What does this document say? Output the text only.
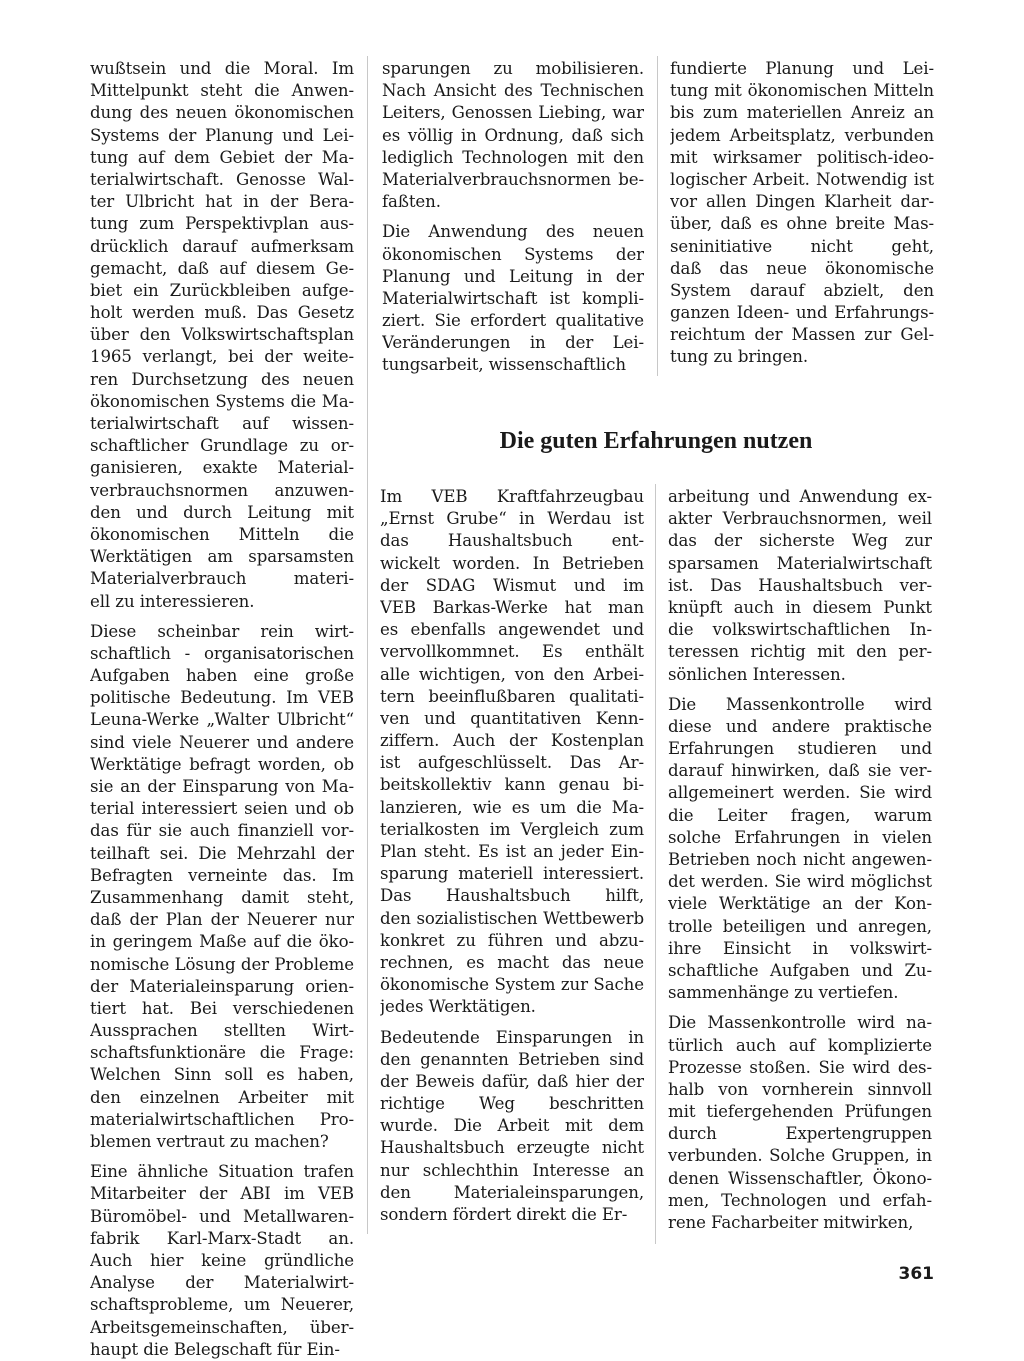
wußtsein und die Moral. Im
Mittelpunkt steht die Anwen-
dung des neuen ökonomischen
Systems der Planung und Lei-
tung auf dem Gebiet der Ma-
terialwirtschaft. Genosse Wal-
ter Ulbricht hat in der Bera-
tung zum Perspektivplan aus-
drücklich darauf aufmerksam
gemacht, daß auf diesem Ge-
biet ein Zurückbleiben aufge-
holt werden muß. Das Gesetz
über den Volkswirtschaftsplan
1965 verlangt, bei der weite-
ren Durchsetzung des neuen
ökonomischen Systems die Ma-
terialwirtschaft auf wissen-
schaftlicher Grundlage zu or-
ganisieren, exakte Material-
verbrauchsnormen anzuwen-
den und durch Leitung mit
ökonomischen Mitteln die
Werktätigen am sparsamsten
Materialverbrauch materi-
ell zu interessieren.
Diese scheinbar rein wirt-
schaftlich - organisatorischen
Aufgaben haben eine große
politische Bedeutung. Im VEB
Leuna-Werke „Walter Ulbricht“
sind viele Neuerer und andere
Werktätige befragt worden, ob
sie an der Einsparung von Ma-
terial interessiert seien und ob
das für sie auch finanziell vor-
teilhaft sei. Die Mehrzahl der
Befragten verneinte das. Im
Zusammenhang damit steht,
daß der Plan der Neuerer nur
in geringem Maße auf die öko-
nomische Lösung der Probleme
der Materialeinsparung orien-
tiert hat. Bei verschiedenen
Aussprachen stellten Wirt-
schaftsfunktionäre die Frage:
Welchen Sinn soll es haben,
den einzelnen Arbeiter mit
materialwirtschaftlichen Pro-
blemen vertraut zu machen?
Eine ähnliche Situation trafen
Mitarbeiter der ABI im VEB
Büromöbel- und Metallwaren-
fabrik Karl-Marx-Stadt an.
Auch hier keine gründliche
Analyse der Materialwirt-
schaftsprobleme, um Neuerer,
Arbeitsgemeinschaften, über-
haupt die Belegschaft für Ein-
sparungen zu mobilisieren.
Nach Ansicht des Technischen
Leiters, Genossen Liebing, war
es völlig in Ordnung, daß sich
lediglich Technologen mit den
Materialverbrauchsnormen be-
faßten.
Die Anwendung des neuen
ökonomischen Systems der
Planung und Leitung in der
Materialwirtschaft ist kompli-
ziert. Sie erfordert qualitative
Veränderungen in der Lei-
tungsarbeit, wissenschaftlich
fundierte Planung und Lei-
tung mit ökonomischen Mitteln
bis zum materiellen Anreiz an
jedem Arbeitsplatz, verbunden
mit wirksamer politisch-ideo-
logischer Arbeit. Notwendig ist
vor allen Dingen Klarheit dar-
über, daß es ohne breite Mas-
seninitiative nicht geht,
daß das neue ökonomische
System darauf abzielt, den
ganzen Ideen- und Erfahrungs-
reichtum der Massen zur Gel-
tung zu bringen.
Die guten Erfahrungen nutzen
Im VEB Kraftfahrzeugbau
„Ernst Grube“ in Werdau ist
das Haushaltsbuch ent-
wickelt worden. In Betrieben
der SDAG Wismut und im
VEB Barkas-Werke hat man
es ebenfalls angewendet und
vervollkommnet. Es enthält
alle wichtigen, von den Arbei-
tern beeinflußbaren qualitati-
ven und quantitativen Kenn-
ziffern. Auch der Kostenplan
ist aufgeschlüsselt. Das Ar-
beitskollektiv kann genau bi-
lanzieren, wie es um die Ma-
terialkosten im Vergleich zum
Plan steht. Es ist an jeder Ein-
sparung materiell interessiert.
Das Haushaltsbuch hilft,
den sozialistischen Wettbewerb
konkret zu führen und abzu-
rechnen, es macht das neue
ökonomische System zur Sache
jedes Werktätigen.
Bedeutende Einsparungen in
den genannten Betrieben sind
der Beweis dafür, daß hier der
richtige Weg beschritten
wurde. Die Arbeit mit dem
Haushaltsbuch erzeugte nicht
nur schlechthin Interesse an
den Materialeinsparungen,
sondern fördert direkt die Er-
arbeitung und Anwendung ex-
akter Verbrauchsnormen, weil
das der sicherste Weg zur
sparsamen Materialwirtschaft
ist. Das Haushaltsbuch ver-
knüpft auch in diesem Punkt
die volkswirtschaftlichen In-
teressen richtig mit den per-
sönlichen Interessen.
Die Massenkontrolle wird
diese und andere praktische
Erfahrungen studieren und
darauf hinwirken, daß sie ver-
allgemeinert werden. Sie wird
die Leiter fragen, warum
solche Erfahrungen in vielen
Betrieben noch nicht angewen-
det werden. Sie wird möglichst
viele Werktätige an der Kon-
trolle beteiligen und anregen,
ihre Einsicht in volkswirt-
schaftliche Aufgaben und Zu-
sammenhänge zu vertiefen.
Die Massenkontrolle wird na-
türlich auch auf komplizierte
Prozesse stoßen. Sie wird des-
halb von vornherein sinnvoll
mit tiefergehenden Prüfungen
durch Expertengruppen
verbunden. Solche Gruppen, in
denen Wissenschaftler, Ökono-
men, Technologen und erfah-
rene Facharbeiter mitwirken,
361
